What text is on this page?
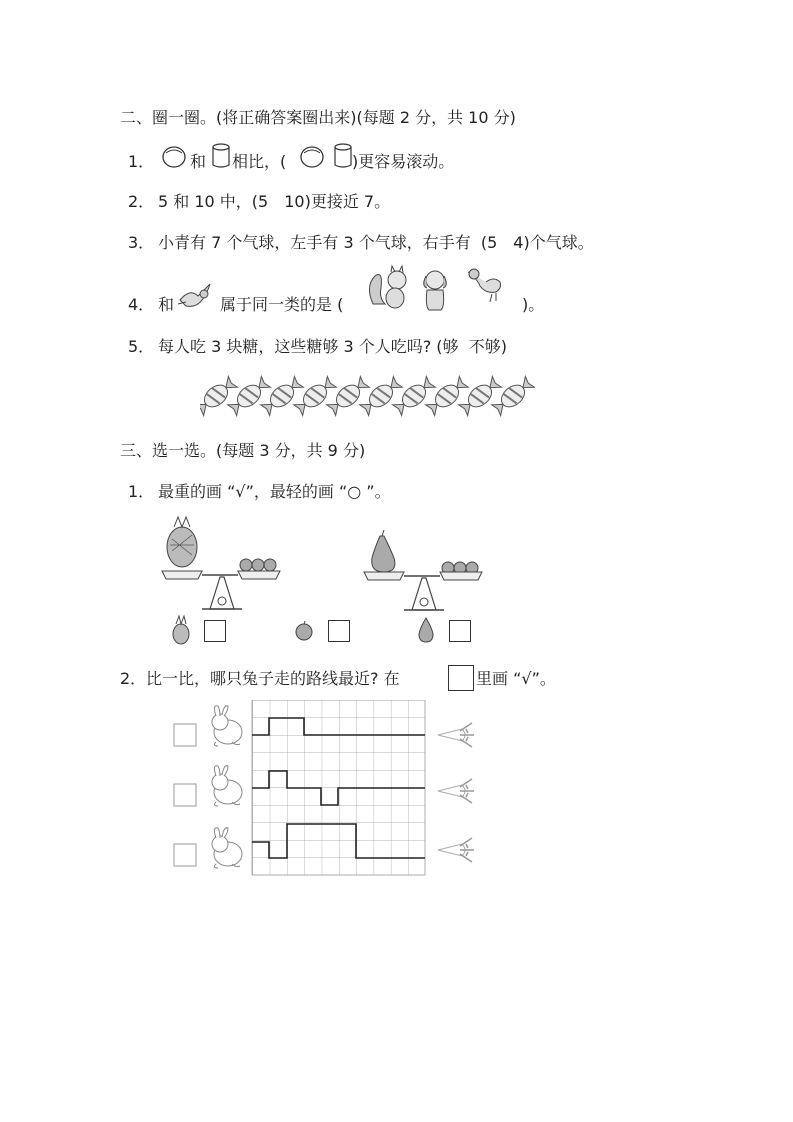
二、圈一圈。(将正确答案圈出来)(每题 2 分，共 10 分)
1． 和 相比，(	)更容易滚动。
2． 5 和 10 中，(5　10)更接近 7。
3． 小青有 7 个气球，左手有 3 个气球，右手有  (5　4)个气球。
4． 和	属于同一类的是 (	)。
5． 每人吃 3 块糖，这些糖够 3 个人吃吗? (够  不够)
三、选一选。(每题 3 分，共 9 分)
1． 最重的画 “√”，最轻的画 “○ ”。
2． 比一比，哪只兔子走的路线最近? 在	里画 “√”。
